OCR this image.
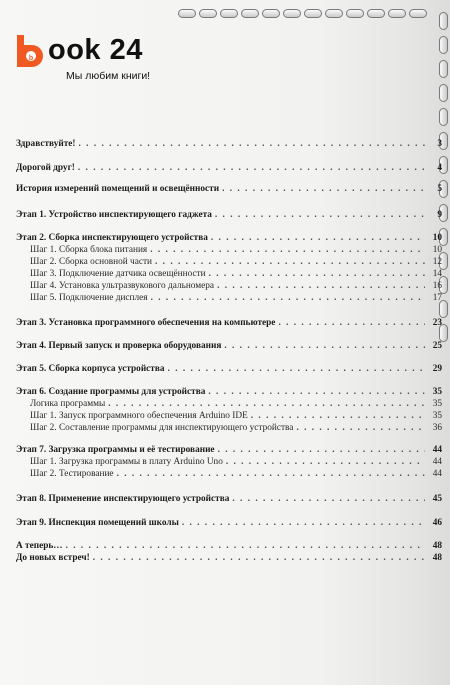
b ook 24
Мы любим книги!
Здравствуйте! . . .	3
Дорогой друг! . . .	4
История измерений помещений и освещённости . . .	5
Этап 1. Устройство инспектирующего гаджета . . .	9
Этап 2. Сборка инспектирующего устройства . . .	10
Шаг 1. Сборка блока питания . . .	10
Шаг 2. Сборка основной части . . .	12
Шаг 3. Подключение датчика освещённости . . .	14
Шаг 4. Установка ультразвукового дальномера . . .	16
Шаг 5. Подключение дисплея . . .	17
Этап 3. Установка программного обеспечения на компьютере . . .	23
Этап 4. Первый запуск и проверка оборудования . . .	25
Этап 5. Сборка корпуса устройства . . .	29
Этап 6. Создание программы для устройства . . .	35
Логика программы . . .	35
Шаг 1. Запуск программного обеспечения Arduino IDE . . .	35
Шаг 2. Составление программы для инспектирующего устройства . . .	36
Этап 7. Загрузка программы и её тестирование . . .	44
Шаг 1. Загрузка программы в плату Arduino Uno . . .	44
Шаг 2. Тестирование . . .	44
Этап 8. Применение инспектирующего устройства . . .	45
Этап 9. Инспекция помещений школы . . .	46
А теперь… . . .	48
До новых встреч! . . .	48
